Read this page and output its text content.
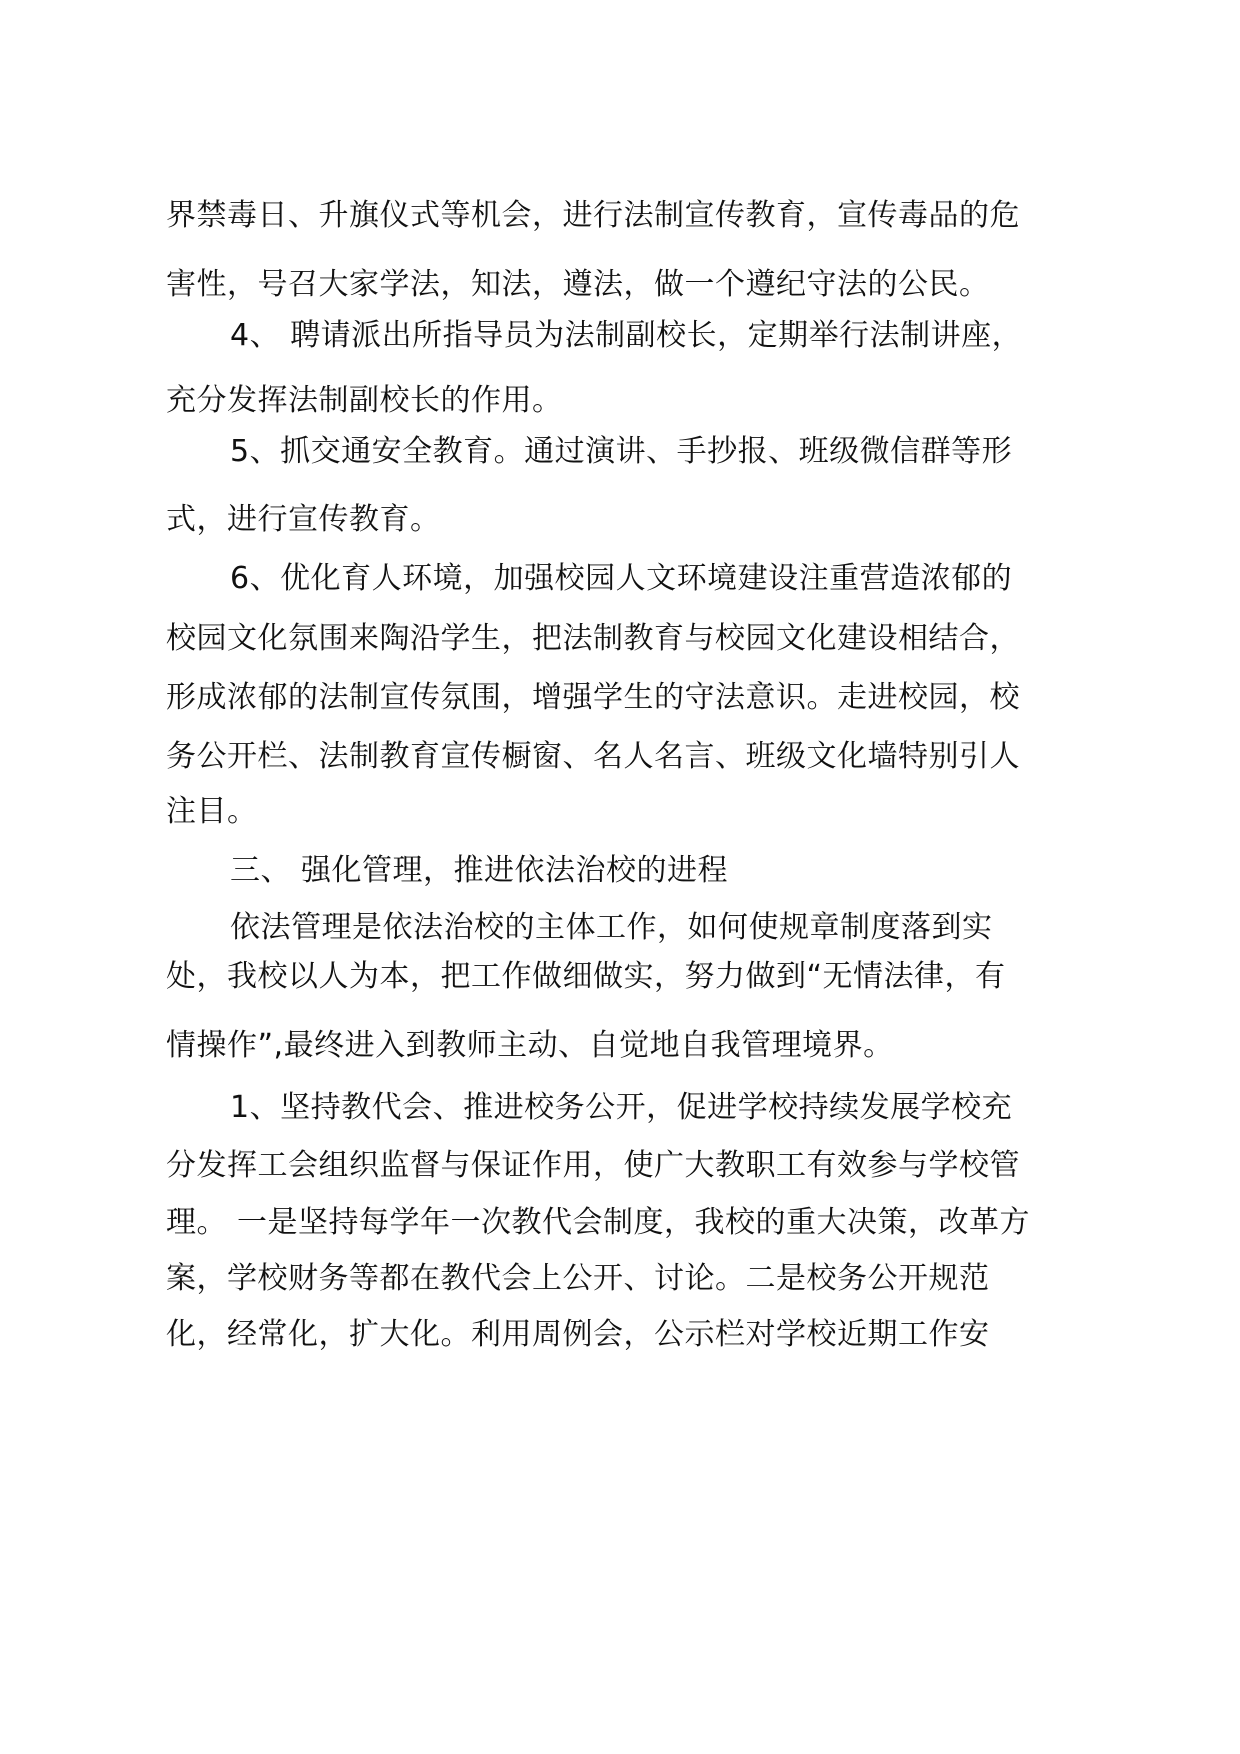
界禁毒日、升旗仪式等机会，进行法制宣传教育，宣传毒品的危
害性，号召大家学法，知法，遵法，做一个遵纪守法的公民。
4、 聘请派出所指导员为法制副校长，定期举行法制讲座，
充分发挥法制副校长的作用。
5、抓交通安全教育。通过演讲、手抄报、班级微信群等形
式，进行宣传教育。
6、优化育人环境，加强校园人文环境建设注重营造浓郁的
校园文化氛围来陶沿学生，把法制教育与校园文化建设相结合，
形成浓郁的法制宣传氛围，增强学生的守法意识。走进校园，校
务公开栏、法制教育宣传橱窗、名人名言、班级文化墙特别引人
注目。
三、 强化管理，推进依法治校的进程
依法管理是依法治校的主体工作，如何使规章制度落到实
处，我校以人为本，把工作做细做实，努力做到“无情法律，有
情操作”,最终进入到教师主动、自觉地自我管理境界。
1、坚持教代会、推进校务公开，促进学校持续发展学校充
分发挥工会组织监督与保证作用，使广大教职工有效参与学校管
理。 一是坚持每学年一次教代会制度，我校的重大决策，改革方
案，学校财务等都在教代会上公开、讨论。二是校务公开规范
化，经常化，扩大化。利用周例会，公示栏对学校近期工作安
